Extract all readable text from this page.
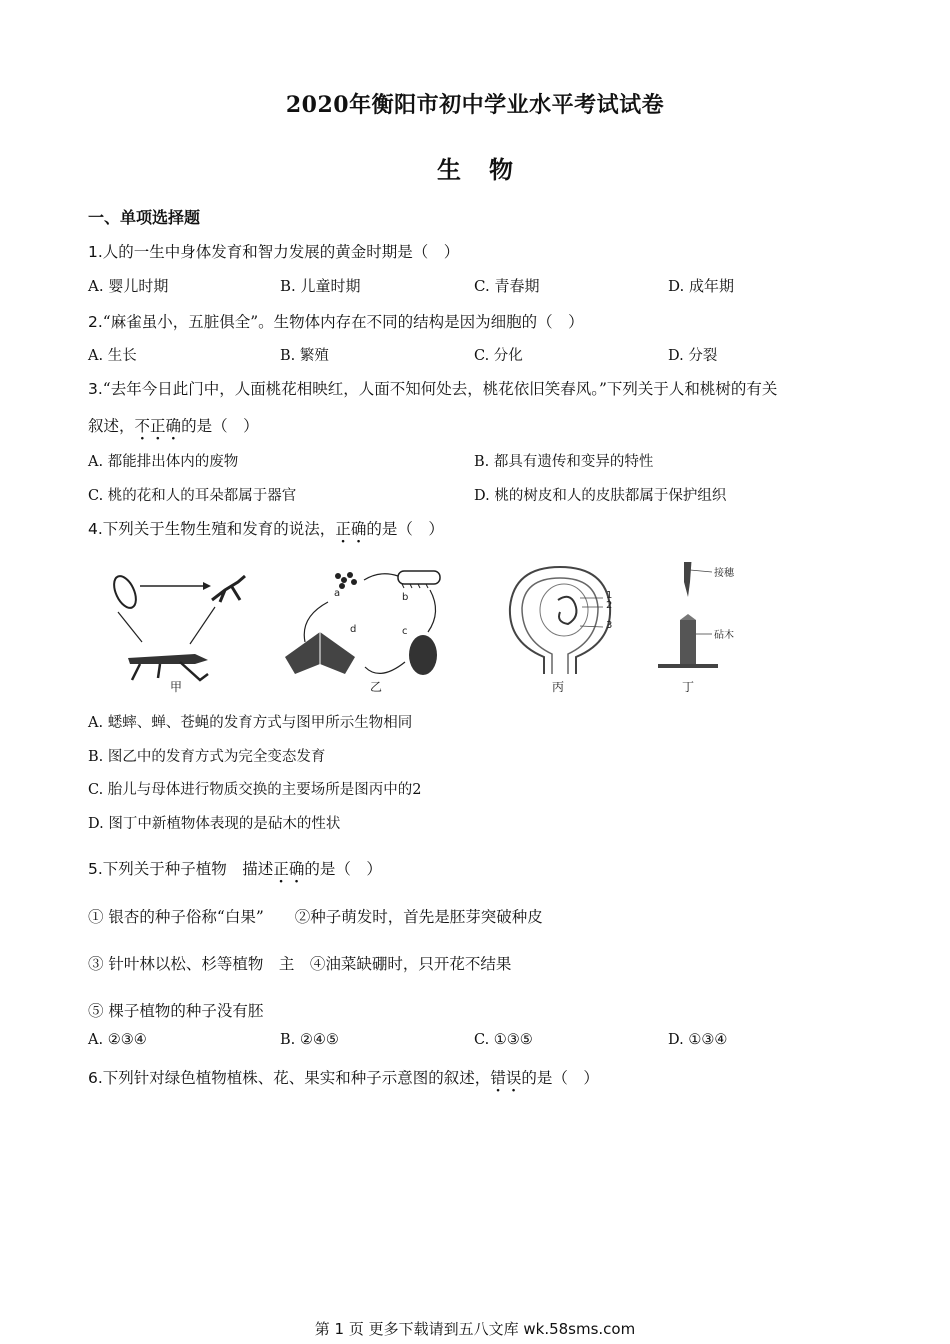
2020年衡阳市初中学业水平考试试卷
生物
一、单项选择题
1.人的一生中身体发育和智力发展的黄金时期是（　）
A. 婴儿时期	B. 儿童时期	C. 青春期	D. 成年期
2.“麻雀虽小，五脏俱全”。生物体内存在不同的结构是因为细胞的（　）
A. 生长	B. 繁殖	C. 分化	D. 分裂
3.“去年今日此门中，人面桃花相映红，人面不知何处去，桃花依旧笑春风。”下列关于人和桃树的有关
叙述，不正确的是（　）
A. 都能排出体内的废物	B. 都具有遗传和变异的特性
C. 桃的花和人的耳朵都属于器官	D. 桃的树皮和人的皮肤都属于保护组织
4.下列关于生物生殖和发育的说法，正确的是（　）
甲
a	b
c
d
乙
1
2
3
丙
接穗
砧木
丁
A. 蟋蟀、蝉、苍蝇的发育方式与图甲所示生物相同
B. 图乙中的发育方式为完全变态发育
C. 胎儿与母体进行物质交换的主要场所是图丙中的2
D. 图丁中新植物体表现的是砧木的性状
5.下列关于种子植物　描述正确的是（　）
① 银杏的种子俗称“白果”　　②种子萌发时，首先是胚芽突破种皮
③ 针叶林以松、杉等植物　主　④油菜缺硼时，只开花不结果
⑤ 棵子植物的种子没有胚
A. ②③④	B. ②④⑤	C. ①③⑤	D. ①③④
6.下列针对绿色植物植株、花、果实和种子示意图的叙述，错误的是（　）
第 1 页 更多下载请到五八文库 wk.58sms.com
